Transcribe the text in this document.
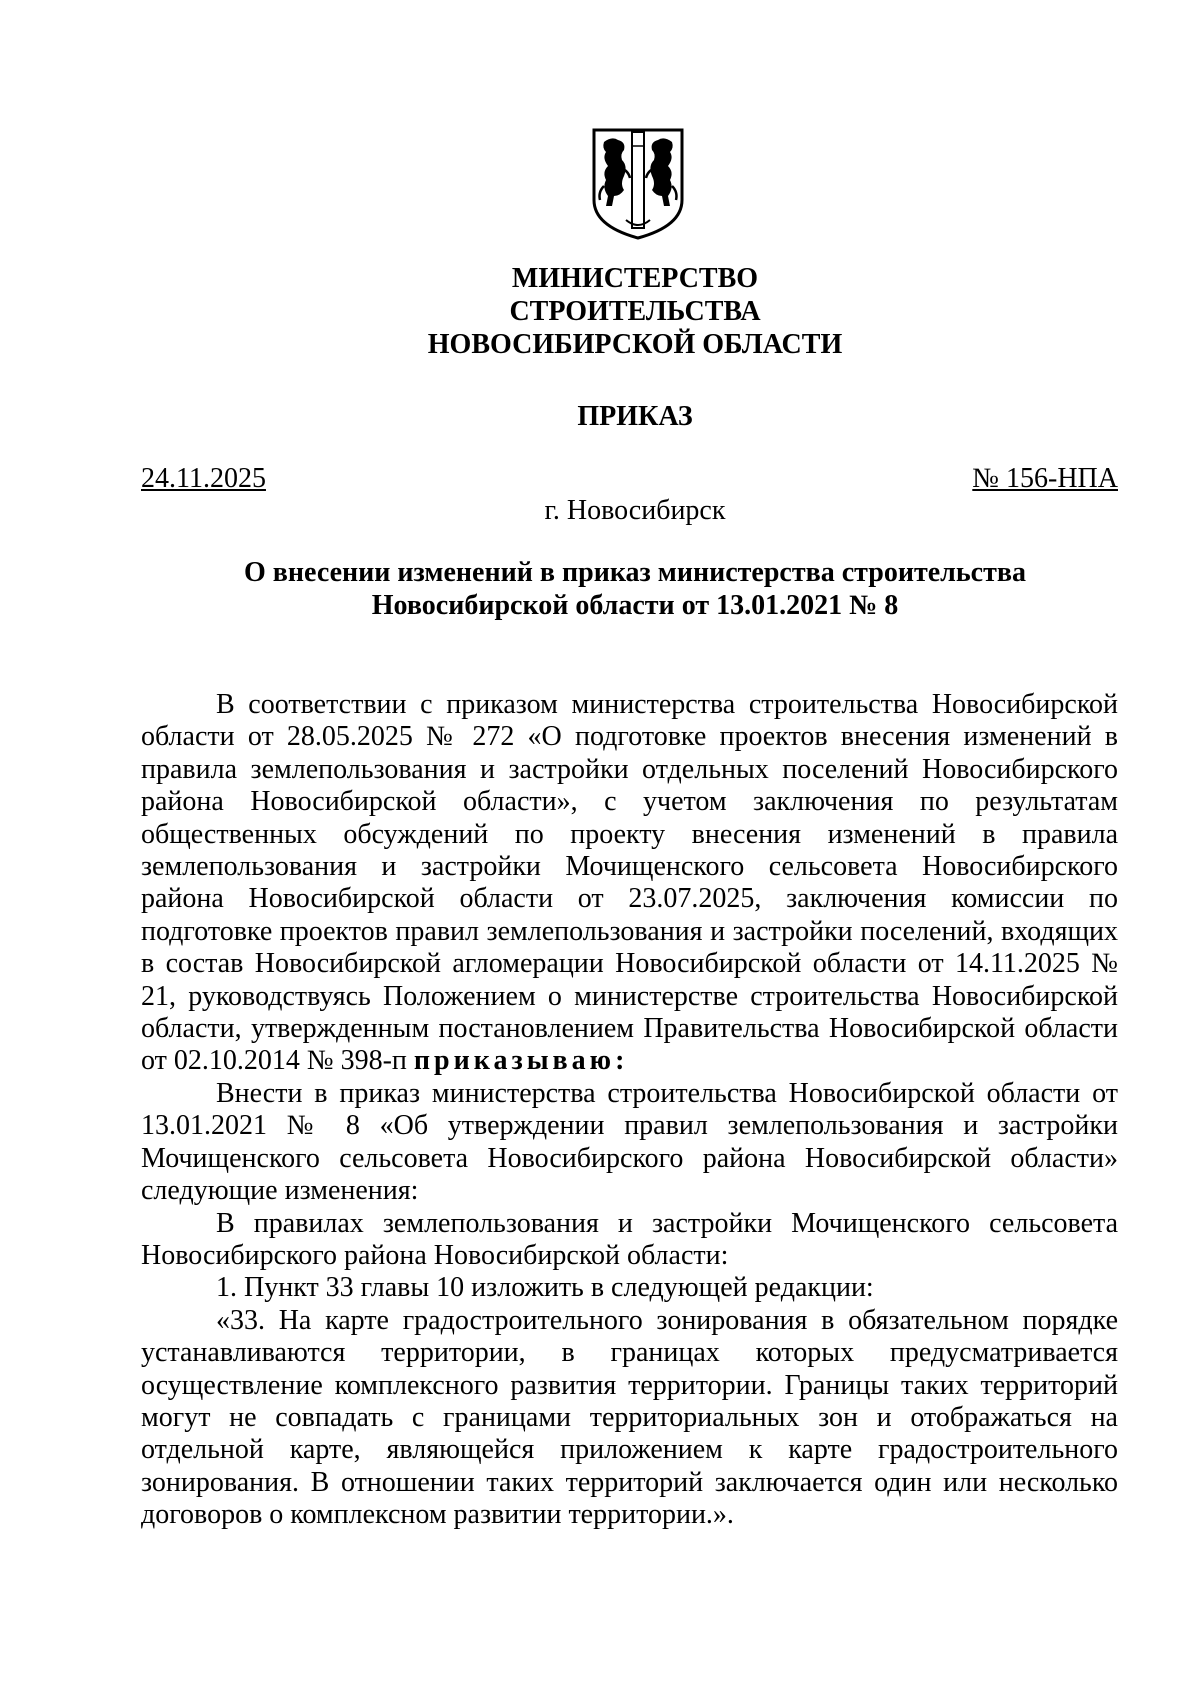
МИНИСТЕРСТВО
СТРОИТЕЛЬСТВА
НОВОСИБИРСКОЙ ОБЛАСТИ
ПРИКАЗ
24.11.2025	№ 156-НПА
г. Новосибирск
О внесении изменений в приказ министерства строительства
Новосибирской области от 13.01.2021 № 8

В соответствии с приказом министерства строительства Новосибирской области от 28.05.2025 № 272 «О подготовке проектов внесения изменений в правила землепользования и застройки отдельных поселений Новосибирского района Новосибирской области», с учетом заключения по результатам общественных обсуждений по проекту внесения изменений в правила землепользования и застройки Мочищенского сельсовета Новосибирского района Новосибирской области от 23.07.2025, заключения комиссии по подготовке проектов правил землепользования и застройки поселений, входящих в состав Новосибирской агломерации Новосибирской области от 14.11.2025 № 21, руководствуясь Положением о министерстве строительства Новосибирской области, утвержденным постановлением Правительства Новосибирской области от 02.10.2014 № 398-п приказываю:

Внести в приказ министерства строительства Новосибирской области от 13.01.2021 № 8 «Об утверждении правил землепользования и застройки Мочищенского сельсовета Новосибирского района Новосибирской области» следующие изменения:

В правилах землепользования и застройки Мочищенского сельсовета Новосибирского района Новосибирской области:

1. Пункт 33 главы 10 изложить в следующей редакции:

«33. На карте градостроительного зонирования в обязательном порядке устанавливаются территории, в границах которых предусматривается осуществление комплексного развития территории. Границы таких территорий могут не совпадать с границами территориальных зон и отображаться на отдельной карте, являющейся приложением к карте градостроительного зонирования. В отношении таких территорий заключается один или несколько договоров о комплексном развитии территории.».
